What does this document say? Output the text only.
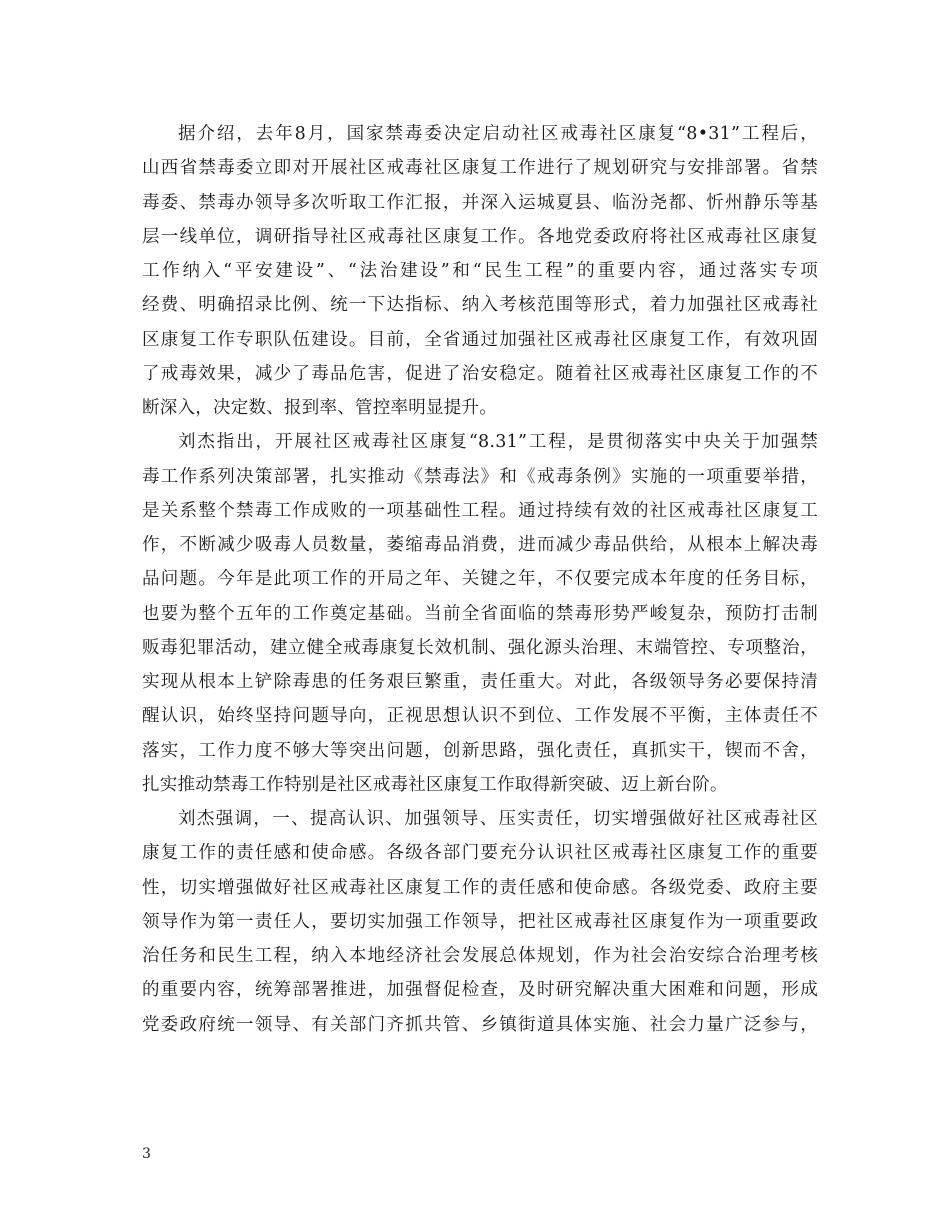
据介绍，去年8月，国家禁毒委决定启动社区戒毒社区康复“8•31”工程后，
山西省禁毒委立即对开展社区戒毒社区康复工作进行了规划研究与安排部署。省禁
毒委、禁毒办领导多次听取工作汇报，并深入运城夏县、临汾尧都、忻州静乐等基
层一线单位，调研指导社区戒毒社区康复工作。各地党委政府将社区戒毒社区康复
工作纳入“平安建设”、“法治建设”和“民生工程”的重要内容，通过落实专项
经费、明确招录比例、统一下达指标、纳入考核范围等形式，着力加强社区戒毒社
区康复工作专职队伍建设。目前，全省通过加强社区戒毒社区康复工作，有效巩固
了戒毒效果，减少了毒品危害，促进了治安稳定。随着社区戒毒社区康复工作的不
断深入，决定数、报到率、管控率明显提升。
刘杰指出，开展社区戒毒社区康复“8.31”工程，是贯彻落实中央关于加强禁
毒工作系列决策部署，扎实推动《禁毒法》和《戒毒条例》实施的一项重要举措，
是关系整个禁毒工作成败的一项基础性工程。通过持续有效的社区戒毒社区康复工
作，不断减少吸毒人员数量，萎缩毒品消费，进而减少毒品供给，从根本上解决毒
品问题。今年是此项工作的开局之年、关键之年，不仅要完成本年度的任务目标，
也要为整个五年的工作奠定基础。当前全省面临的禁毒形势严峻复杂，预防打击制
贩毒犯罪活动，建立健全戒毒康复长效机制、强化源头治理、末端管控、专项整治，
实现从根本上铲除毒患的任务艰巨繁重，责任重大。对此，各级领导务必要保持清
醒认识，始终坚持问题导向，正视思想认识不到位、工作发展不平衡，主体责任不
落实，工作力度不够大等突出问题，创新思路，强化责任，真抓实干，锲而不舍，
扎实推动禁毒工作特别是社区戒毒社区康复工作取得新突破、迈上新台阶。
刘杰强调，一、提高认识、加强领导、压实责任，切实增强做好社区戒毒社区
康复工作的责任感和使命感。各级各部门要充分认识社区戒毒社区康复工作的重要
性，切实增强做好社区戒毒社区康复工作的责任感和使命感。各级党委、政府主要
领导作为第一责任人，要切实加强工作领导，把社区戒毒社区康复作为一项重要政
治任务和民生工程，纳入本地经济社会发展总体规划，作为社会治安综合治理考核
的重要内容，统筹部署推进，加强督促检查，及时研究解决重大困难和问题，形成
党委政府统一领导、有关部门齐抓共管、乡镇街道具体实施、社会力量广泛参与，
3
